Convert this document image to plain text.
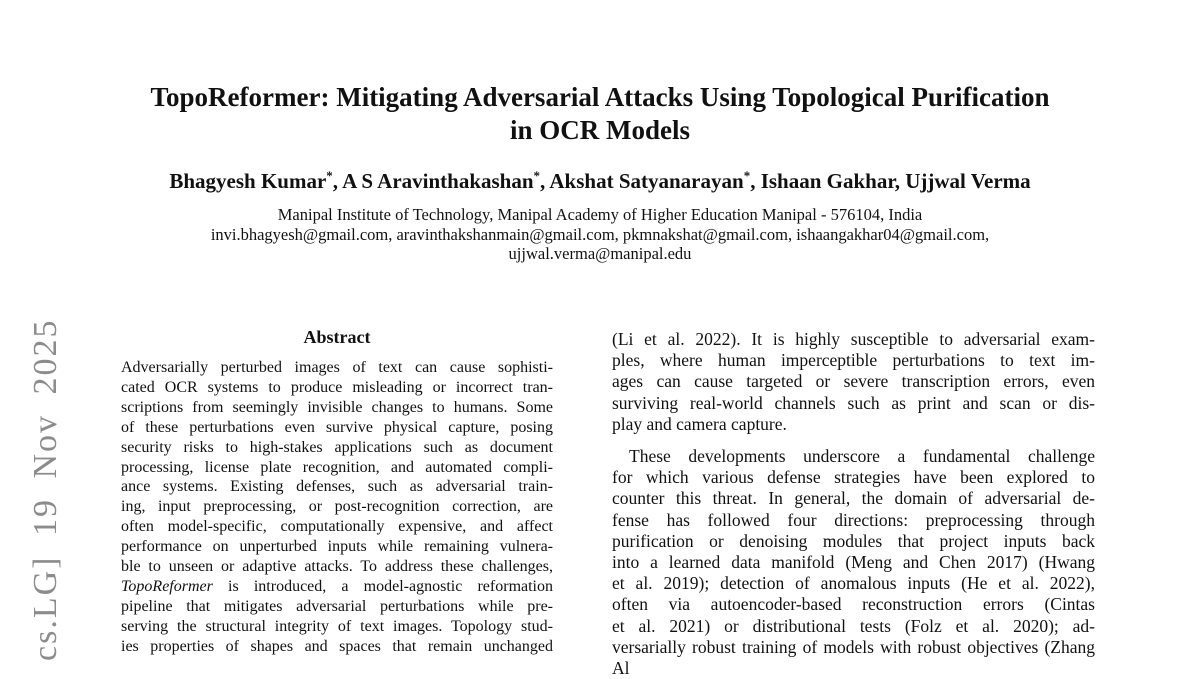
cs.LG] 19 Nov 2025
TopoReformer: Mitigating Adversarial Attacks Using Topological Purification
in OCR Models
Bhagyesh Kumar*, A S Aravinthakashan*, Akshat Satyanarayan*, Ishaan Gakhar, Ujjwal Verma
Manipal Institute of Technology, Manipal Academy of Higher Education Manipal - 576104, India
invi.bhagyesh@gmail.com, aravinthakshanmain@gmail.com, pkmnakshat@gmail.com, ishaangakhar04@gmail.com,
ujjwal.verma@manipal.edu
Abstract
Adversarially perturbed images of text can cause sophisti-
cated OCR systems to produce misleading or incorrect tran-
scriptions from seemingly invisible changes to humans. Some
of these perturbations even survive physical capture, posing
security risks to high-stakes applications such as document
processing, license plate recognition, and automated compli-
ance systems. Existing defenses, such as adversarial train-
ing, input preprocessing, or post-recognition correction, are
often model-specific, computationally expensive, and affect
performance on unperturbed inputs while remaining vulnera-
ble to unseen or adaptive attacks. To address these challenges,
TopoReformer is introduced, a model-agnostic reformation
pipeline that mitigates adversarial perturbations while pre-
serving the structural integrity of text images. Topology stud-
ies properties of shapes and spaces that remain unchanged
(Li et al. 2022). It is highly susceptible to adversarial exam-
ples, where human imperceptible perturbations to text im-
ages can cause targeted or severe transcription errors, even
surviving real-world channels such as print and scan or dis-
play and camera capture.
These developments underscore a fundamental challenge
for which various defense strategies have been explored to
counter this threat. In general, the domain of adversarial de-
fense has followed four directions: preprocessing through
purification or denoising modules that project inputs back
into a learned data manifold (Meng and Chen 2017) (Hwang
et al. 2019); detection of anomalous inputs (He et al. 2022),
often via autoencoder-based reconstruction errors (Cintas
et al. 2021) or distributional tests (Folz et al. 2020); ad-
versarially robust training of models with robust objectives (Zhang Al
